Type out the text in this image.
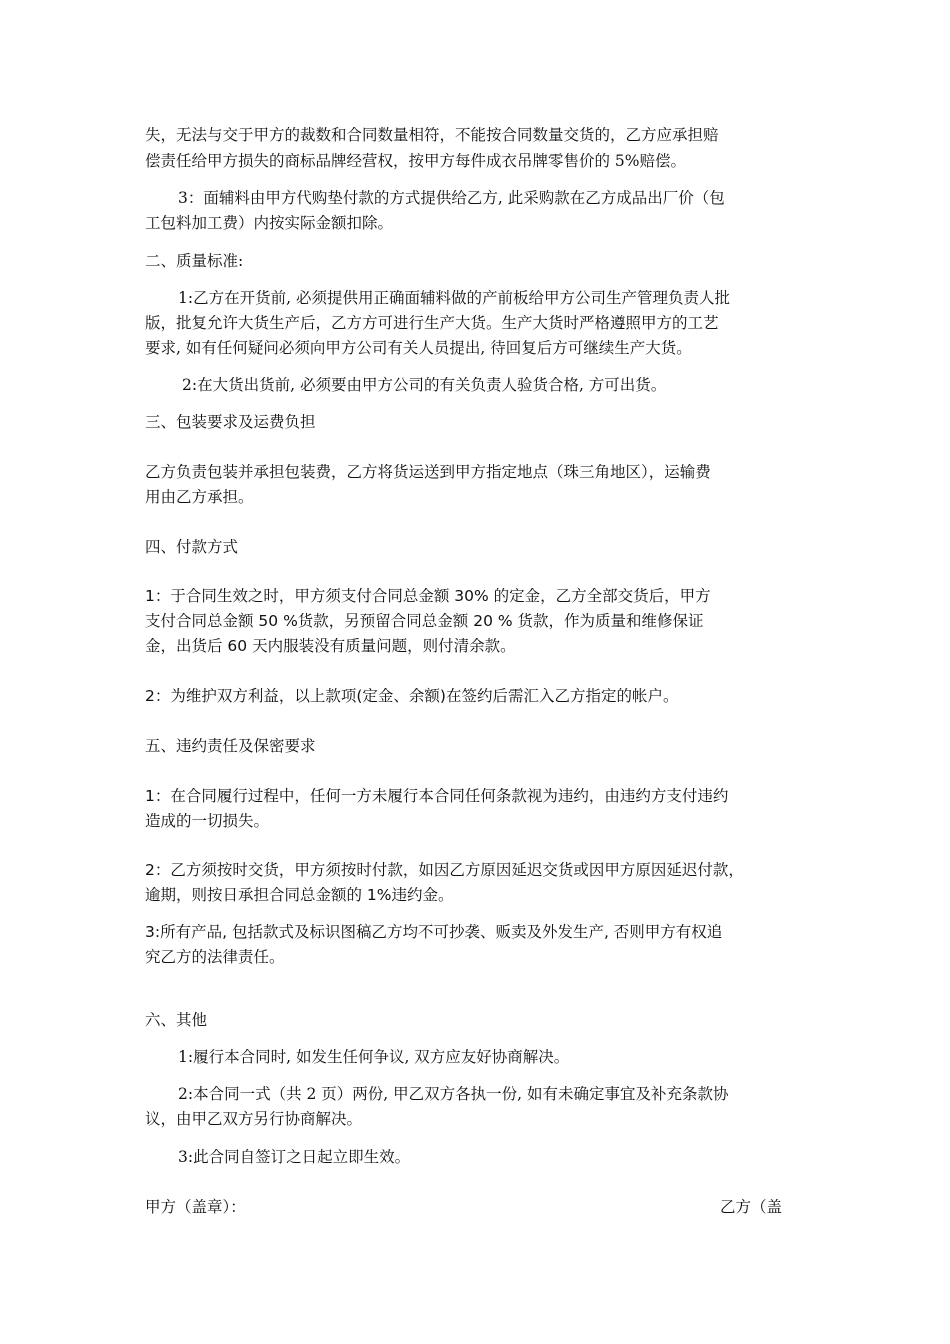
失，无法与交于甲方的裁数和合同数量相符，不能按合同数量交货的，乙方应承担赔
偿责任给甲方损失的商标品牌经营权，按甲方每件成衣吊牌零售价的 5%赔偿。
3：面辅料由甲方代购垫付款的方式提供给乙方, 此采购款在乙方成品出厂价（包
工包料加工费）内按实际金额扣除。
二、质量标准:
1:乙方在开货前, 必须提供用正确面辅料做的产前板给甲方公司生产管理负责人批
版，批复允许大货生产后，乙方方可进行生产大货。生产大货时严格遵照甲方的工艺
要求, 如有任何疑问必须向甲方公司有关人员提出, 待回复后方可继续生产大货。
2:在大货出货前, 必须要由甲方公司的有关负责人验货合格, 方可出货。
三、包装要求及运费负担
乙方负责包装并承担包装费，乙方将货运送到甲方指定地点（珠三角地区），运输费
用由乙方承担。
四、付款方式
1：于合同生效之时，甲方须支付合同总金额 30% 的定金，乙方全部交货后，甲方
支付合同总金额 50 %货款，另预留合同总金额 20 % 货款，作为质量和维修保证
金，出货后 60 天内服装没有质量问题，则付清余款。
2：为维护双方利益，以上款项(定金、余额)在签约后需汇入乙方指定的帐户。
五、违约责任及保密要求
1：在合同履行过程中，任何一方未履行本合同任何条款视为违约，由违约方支付违约
造成的一切损失。
2：乙方须按时交货，甲方须按时付款，如因乙方原因延迟交货或因甲方原因延迟付款，
逾期，则按日承担合同总金额的 1%违约金。
3:所有产品, 包括款式及标识图稿乙方均不可抄袭、贩卖及外发生产, 否则甲方有权追
究乙方的法律责任。
六、其他
1:履行本合同时, 如发生任何争议, 双方应友好协商解决。
2:本合同一式（共 2 页）两份, 甲乙双方各执一份, 如有未确定事宜及补充条款协
议，由甲乙双方另行协商解决。
3:此合同自签订之日起立即生效。
甲方（盖章）：	乙方（盖
